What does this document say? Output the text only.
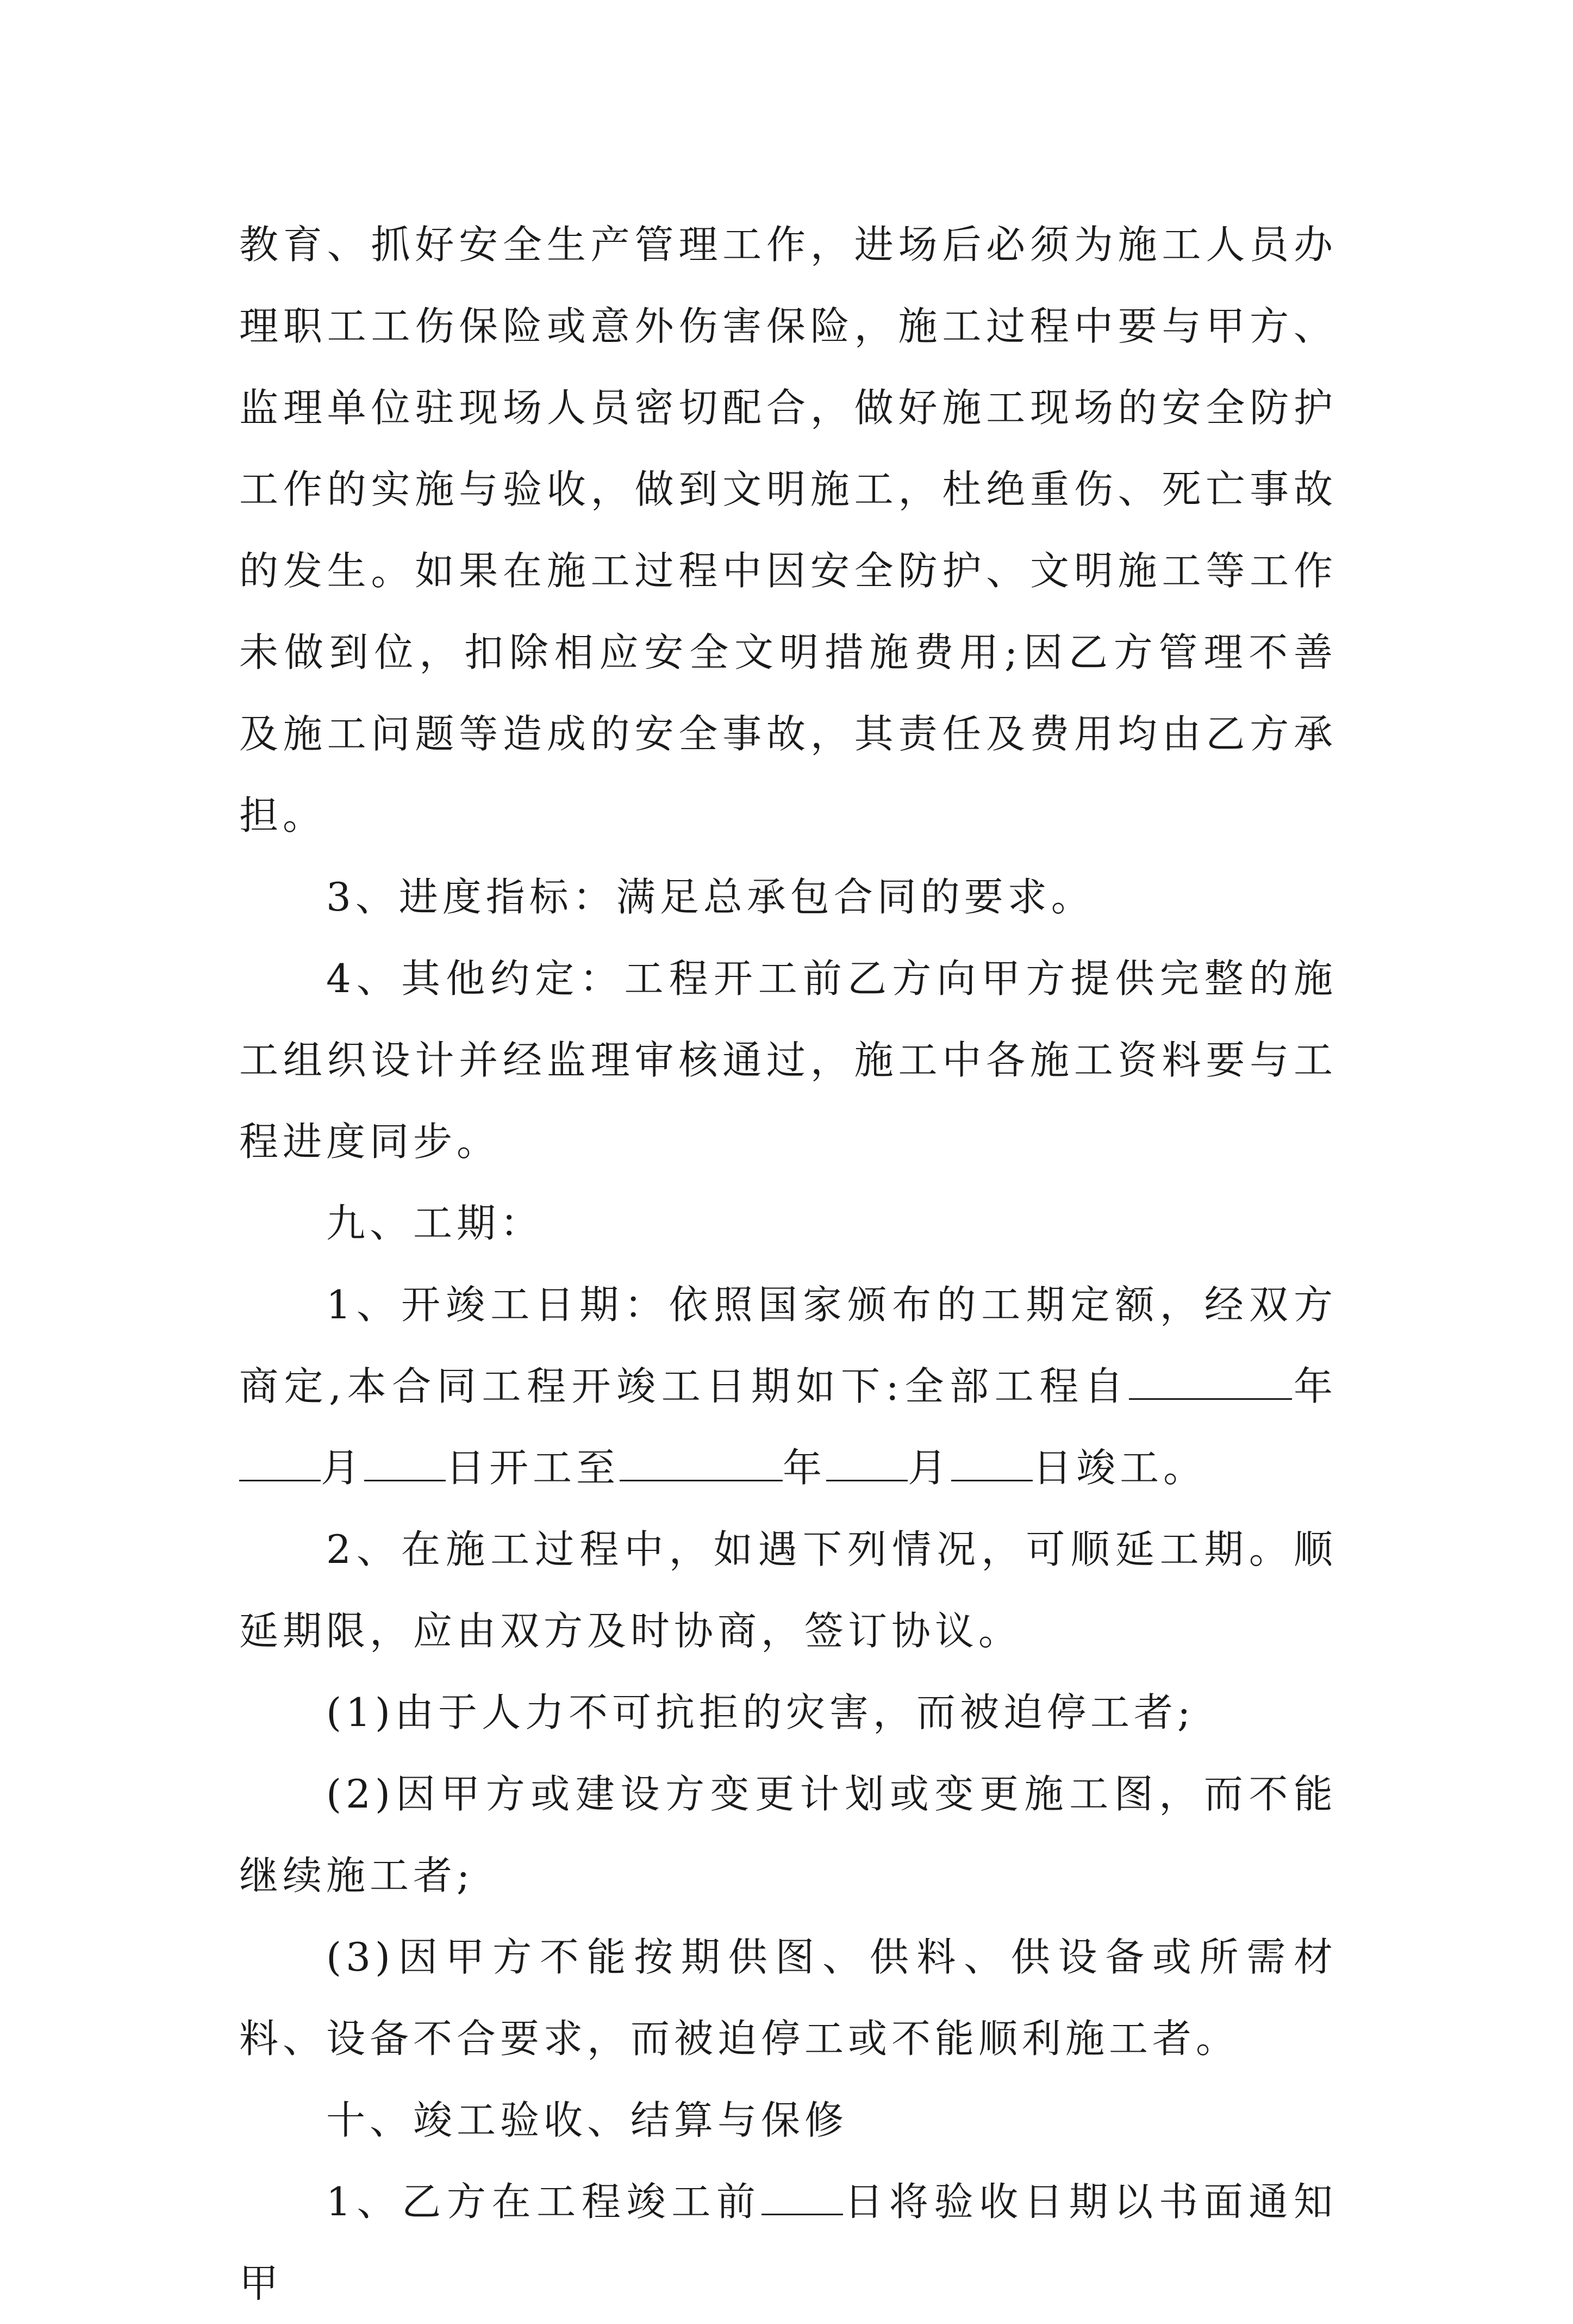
教育、抓好安全生产管理工作，进场后必须为施工人员办理职工工伤保险或意外伤害保险，施工过程中要与甲方、监理单位驻现场人员密切配合，做好施工现场的安全防护工作的实施与验收，做到文明施工，杜绝重伤、死亡事故的发生。如果在施工过程中因安全防护、文明施工等工作未做到位，扣除相应安全文明措施费用;因乙方管理不善及施工问题等造成的安全事故，其责任及费用均由乙方承担。

3、进度指标：满足总承包合同的要求。

4、其他约定：工程开工前乙方向甲方提供完整的施工组织设计并经监理审核通过，施工中各施工资料要与工程进度同步。

九、工期：

1、开竣工日期：依照国家颁布的工期定额，经双方商定,本合同工程开竣工日期如下:全部工程自	年月 日开工至	年 月 日竣工。

2、在施工过程中，如遇下列情况，可顺延工期。顺延期限，应由双方及时协商，签订协议。

(1)由于人力不可抗拒的灾害，而被迫停工者;

(2)因甲方或建设方变更计划或变更施工图，而不能继续施工者;

(3)因甲方不能按期供图、供料、供设备或所需材料、设备不合要求，而被迫停工或不能顺利施工者。

十、竣工验收、结算与保修

1、乙方在工程竣工前 日将验收日期以书面通知甲
